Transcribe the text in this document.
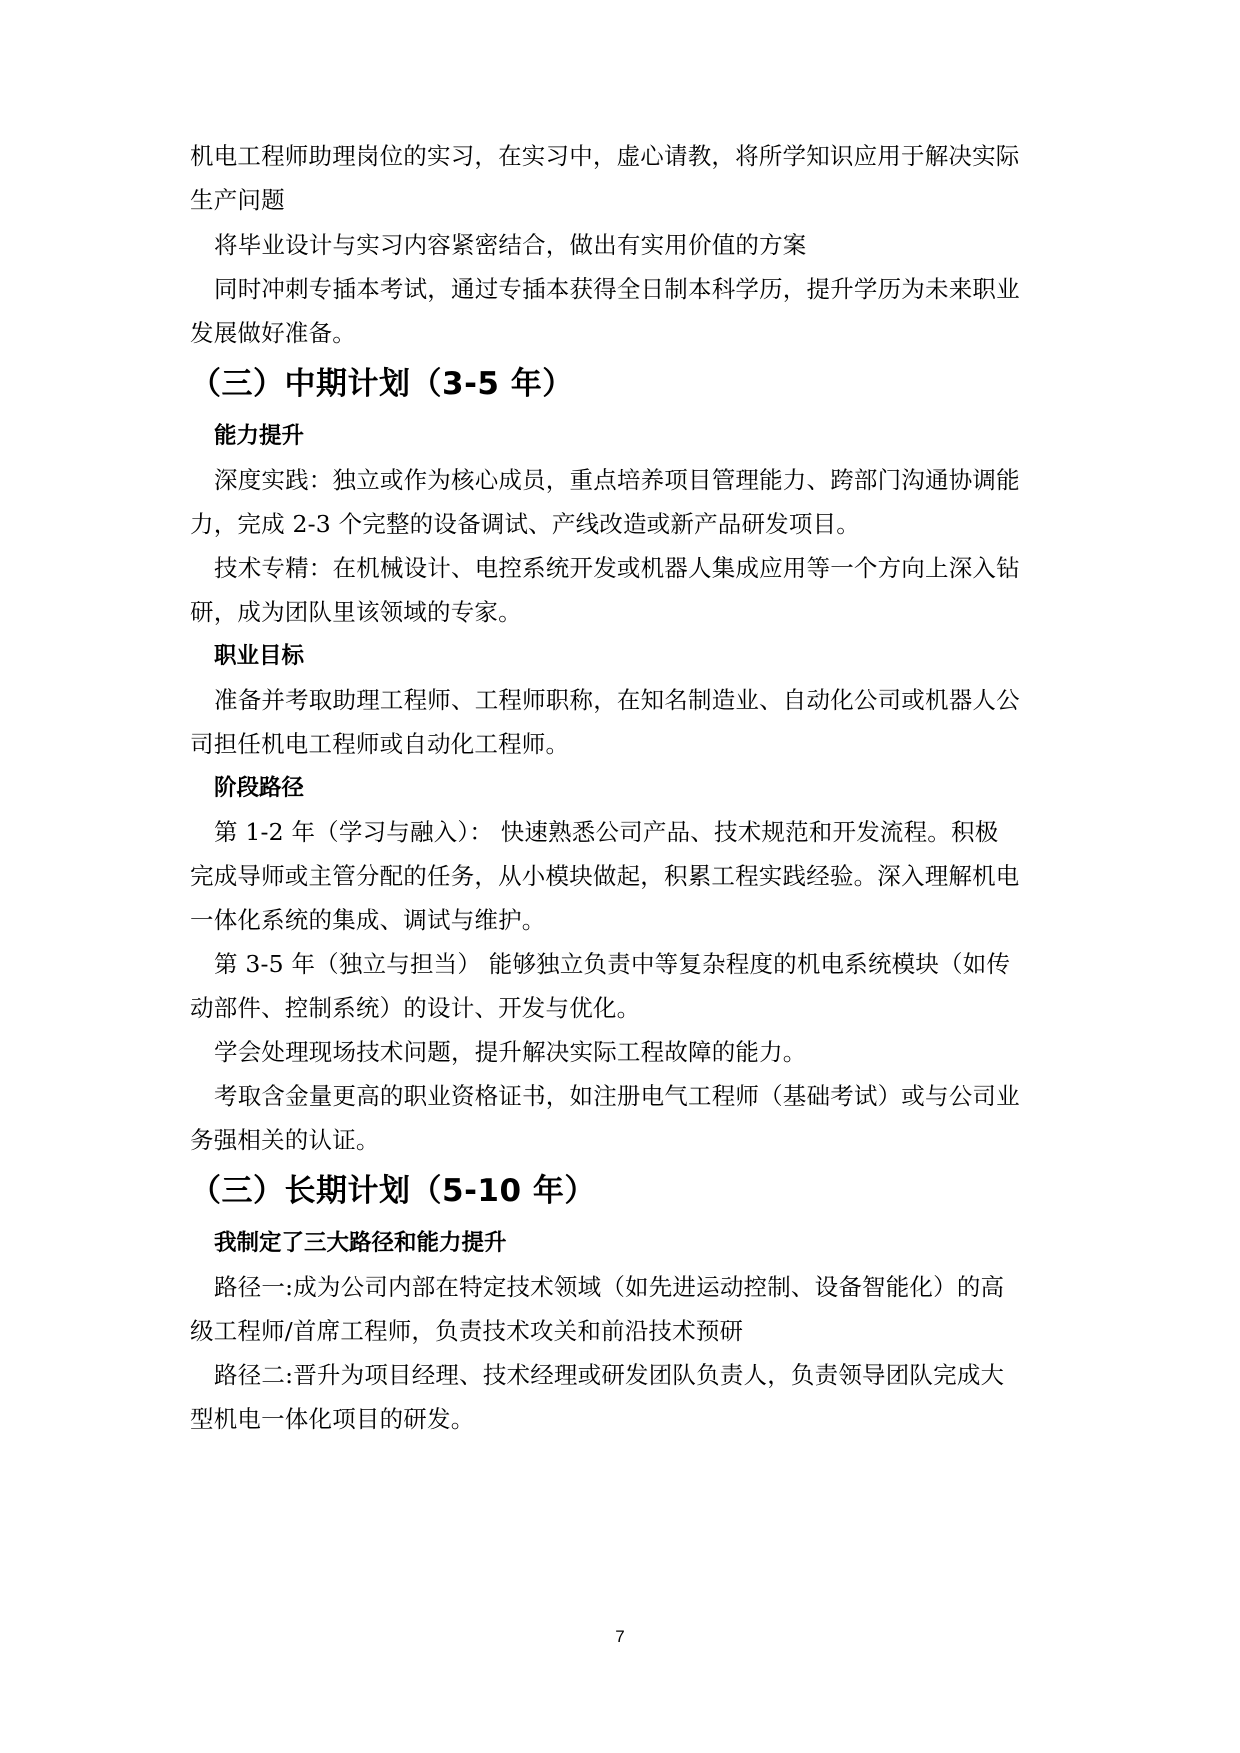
机电工程师助理岗位的实习，在实习中，虚心请教，将所学知识应用于解决实际
生产问题
将毕业设计与实习内容紧密结合，做出有实用价值的方案
同时冲刺专插本考试，通过专插本获得全日制本科学历，提升学历为未来职业
发展做好准备。
（三）中期计划（3-5 年）
能力提升
深度实践：独立或作为核心成员，重点培养项目管理能力、跨部门沟通协调能
力，完成 2-3 个完整的设备调试、产线改造或新产品研发项目。
技术专精：在机械设计、电控系统开发或机器人集成应用等一个方向上深入钻
研，成为团队里该领域的专家。
职业目标
准备并考取助理工程师、工程师职称，在知名制造业、自动化公司或机器人公
司担任机电工程师或自动化工程师。
阶段路径
第 1-2 年（学习与融入）： 快速熟悉公司产品、技术规范和开发流程。积极
完成导师或主管分配的任务，从小模块做起，积累工程实践经验。深入理解机电
一体化系统的集成、调试与维护。
第 3-5 年（独立与担当） 能够独立负责中等复杂程度的机电系统模块（如传
动部件、控制系统）的设计、开发与优化。
学会处理现场技术问题，提升解决实际工程故障的能力。
考取含金量更高的职业资格证书，如注册电气工程师（基础考试）或与公司业
务强相关的认证。
（三）长期计划（5-10 年）
我制定了三大路径和能力提升
路径一:成为公司内部在特定技术领域（如先进运动控制、设备智能化）的高
级工程师/首席工程师，负责技术攻关和前沿技术预研
路径二:晋升为项目经理、技术经理或研发团队负责人，负责领导团队完成大
型机电一体化项目的研发。
7
